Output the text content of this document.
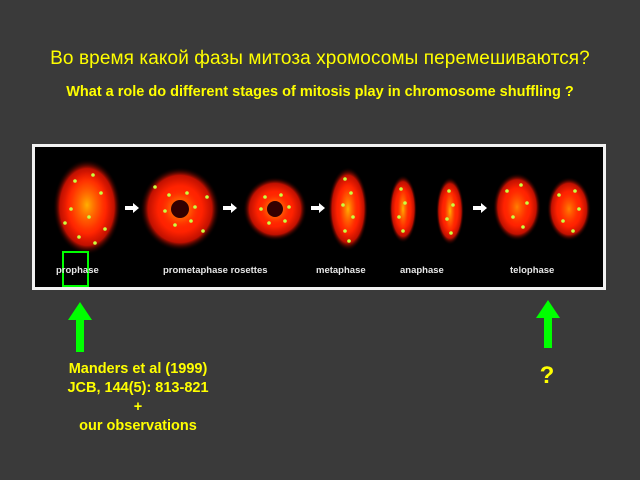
Во время какой фазы митоза хромосомы перемешиваются?
What a role do different stages of mitosis play in chromosome shuffling ?
prophase	prometaphase rosettes	metaphase	anaphase	telophase
Manders et al (1999)
JCB, 144(5): 813-821
+
our observations
?
